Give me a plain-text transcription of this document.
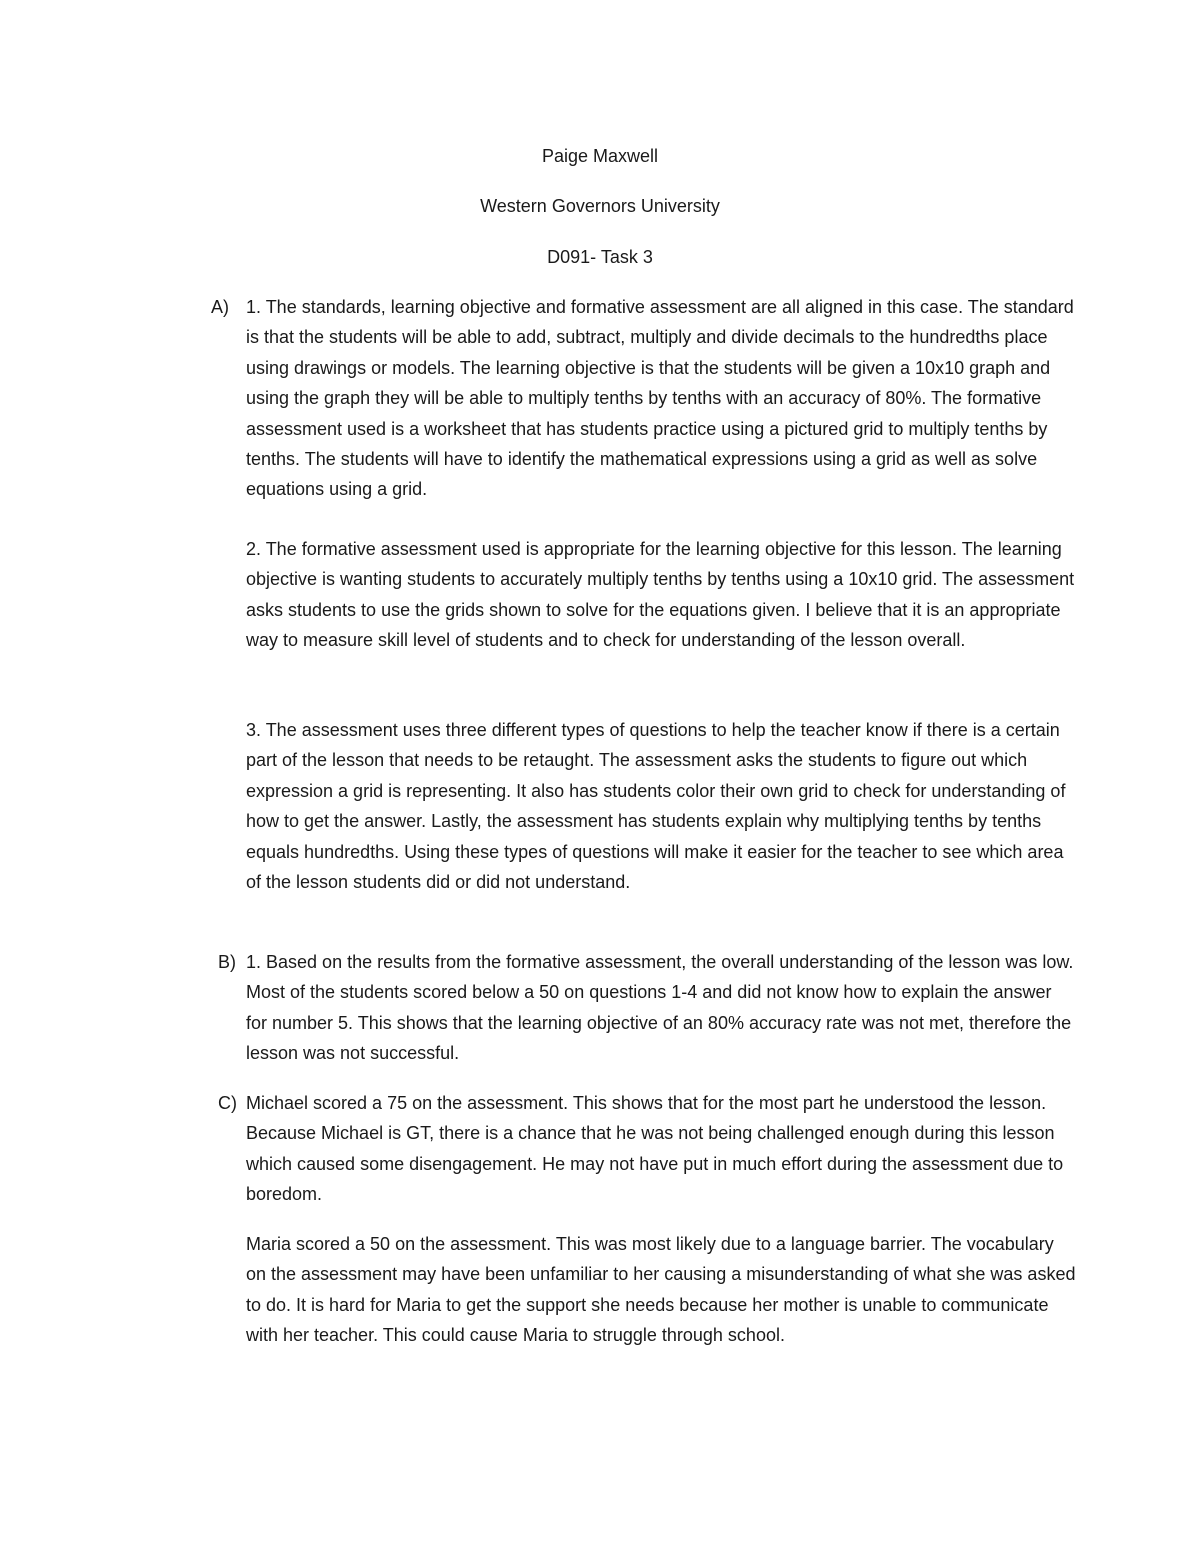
Paige Maxwell
Western Governors University
D091- Task 3
A) 1. The standards, learning objective and formative assessment are all aligned in this case. The standard is that the students will be able to add, subtract, multiply and divide decimals to the hundredths place using drawings or models. The learning objective is that the students will be given a 10x10 graph and using the graph they will be able to multiply tenths by tenths with an accuracy of 80%. The formative assessment used is a worksheet that has students practice using a pictured grid to multiply tenths by tenths. The students will have to identify the mathematical expressions using a grid as well as solve equations using a grid.

2. The formative assessment used is appropriate for the learning objective for this lesson. The learning objective is wanting students to accurately multiply tenths by tenths using a 10x10 grid. The assessment asks students to use the grids shown to solve for the equations given. I believe that it is an appropriate way to measure skill level of students and to check for understanding of the lesson overall.

3. The assessment uses three different types of questions to help the teacher know if there is a certain part of the lesson that needs to be retaught. The assessment asks the students to figure out which expression a grid is representing. It also has students color their own grid to check for understanding of how to get the answer. Lastly, the assessment has students explain why multiplying tenths by tenths equals hundredths. Using these types of questions will make it easier for the teacher to see which area of the lesson students did or did not understand.

B) 1. Based on the results from the formative assessment, the overall understanding of the lesson was low. Most of the students scored below a 50 on questions 1-4 and did not know how to explain the answer for number 5. This shows that the learning objective of an 80% accuracy rate was not met, therefore the lesson was not successful.

C) Michael scored a 75 on the assessment. This shows that for the most part he understood the lesson. Because Michael is GT, there is a chance that he was not being challenged enough during this lesson which caused some disengagement. He may not have put in much effort during the assessment due to boredom.

Maria scored a 50 on the assessment. This was most likely due to a language barrier. The vocabulary on the assessment may have been unfamiliar to her causing a misunderstanding of what she was asked to do. It is hard for Maria to get the support she needs because her mother is unable to communicate with her teacher. This could cause Maria to struggle through school.
